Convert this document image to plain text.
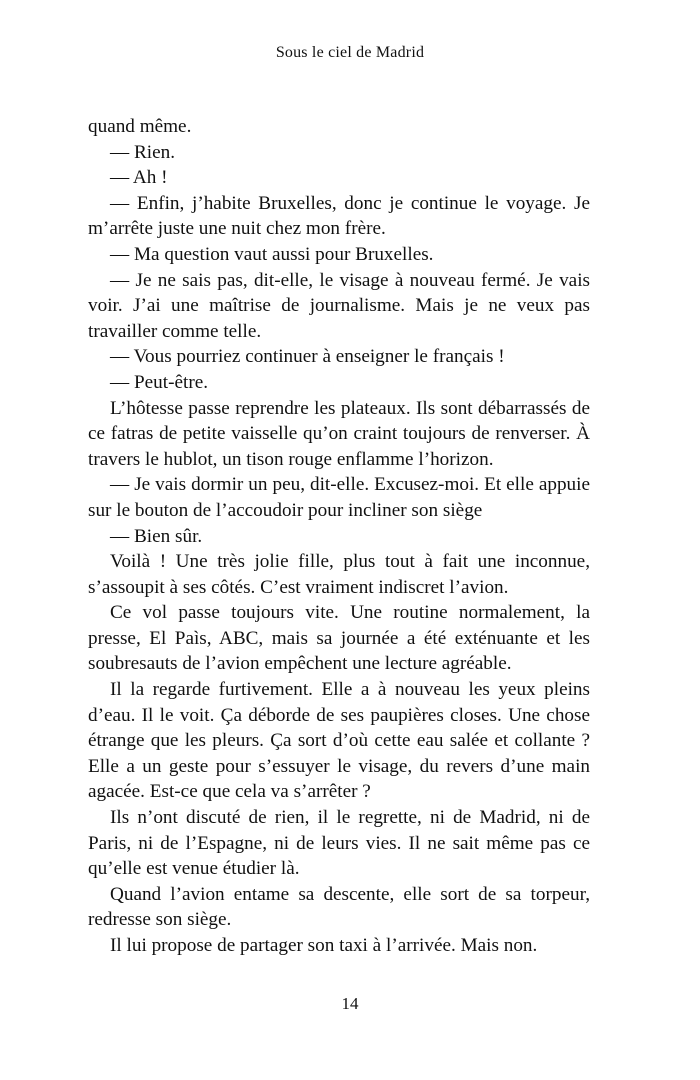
Sous le ciel de Madrid

quand même.

— Rien.

— Ah !

— Enfin, j’habite Bruxelles, donc je continue le voyage. Je m’arrête juste une nuit chez mon frère.

— Ma question vaut aussi pour Bruxelles.

— Je ne sais pas, dit-elle, le visage à nouveau fermé. Je vais voir. J’ai une maîtrise de journalisme. Mais je ne veux pas travailler comme telle.

— Vous pourriez continuer à enseigner le français !

— Peut-être.

L’hôtesse passe reprendre les plateaux. Ils sont débarrassés de ce fatras de petite vaisselle qu’on craint toujours de renverser. À travers le hublot, un tison rouge enflamme l’horizon.

— Je vais dormir un peu, dit-elle. Excusez-moi. Et elle appuie sur le bouton de l’accoudoir pour incliner son siège

— Bien sûr.

Voilà ! Une très jolie fille, plus tout à fait une inconnue, s’assoupit à ses côtés. C’est vraiment indiscret l’avion.

Ce vol passe toujours vite. Une routine normalement, la presse, El Paìs, ABC, mais sa journée a été exténuante et les soubresauts de l’avion empêchent une lecture agréable.

Il la regarde furtivement. Elle a à nouveau les yeux pleins d’eau. Il le voit. Ça déborde de ses paupières closes. Une chose étrange que les pleurs. Ça sort d’où cette eau salée et collante ? Elle a un geste pour s’essuyer le visage, du revers d’une main agacée. Est-ce que cela va s’arrêter ?

Ils n’ont discuté de rien, il le regrette, ni de Madrid, ni de Paris, ni de l’Espagne, ni de leurs vies. Il ne sait même pas ce qu’elle est venue étudier là.

Quand l’avion entame sa descente, elle sort de sa torpeur, redresse son siège.

Il lui propose de partager son taxi à l’arrivée. Mais non.

14
